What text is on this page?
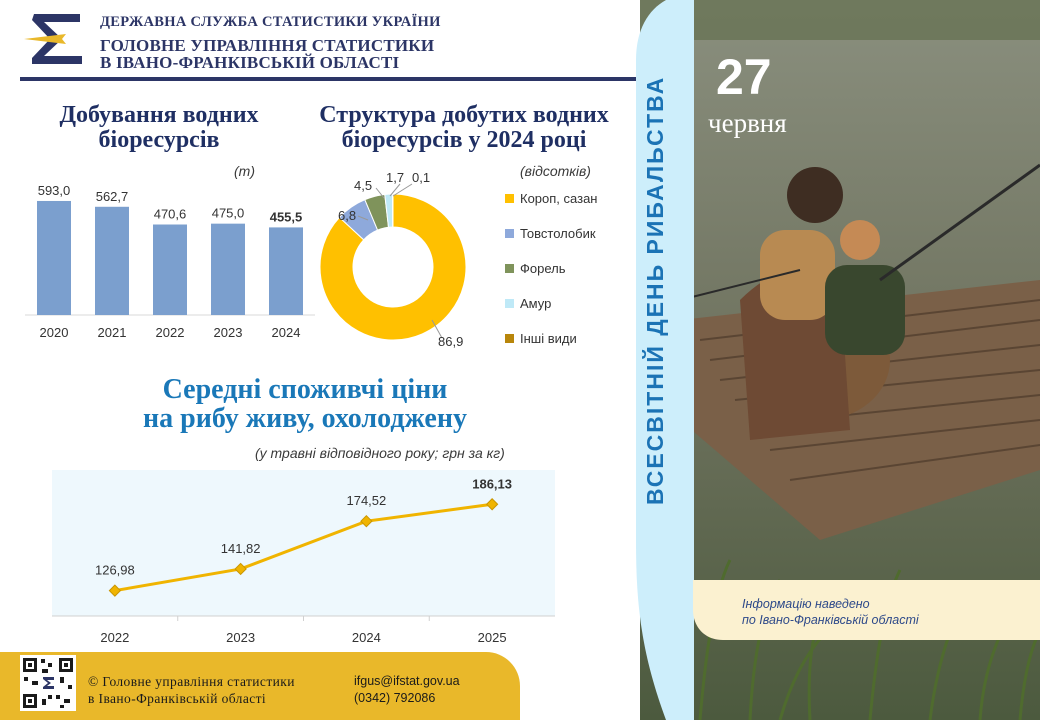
ДЕРЖАВНА СЛУЖБА СТАТИСТИКИ УКРАЇНИ
ГОЛОВНЕ УПРАВЛІННЯ СТАТИСТИКИ
В ІВАНО-ФРАНКІВСЬКІЙ ОБЛАСТІ
Добування водних
біоресурсів
(т)
593,0
2020
562,7
2021
470,6
2022
475,0
2023
455,5
2024
Структура добутих водних
біоресурсів у 2024 році
(відсотків)
86,9
6,8
4,5
1,7 0,1
Короп, сазан
Товстолобик
Форель
Амур
Інші види
Середні споживчі ціни
на рибу живу, охолоджену
(у травні відповідного року; грн за кг)
126,98
2022
141,82
2023
174,52
2024
186,13
2025
ВСЕСВІТНІЙ ДЕНЬ РИБАЛЬСТВА 27
червня
Інформацію наведено
по Івано-Франківській області
© Головне управління статистики
в Івано-Франківській області
ifgus@ifstat.gov.ua
(0342) 792086
